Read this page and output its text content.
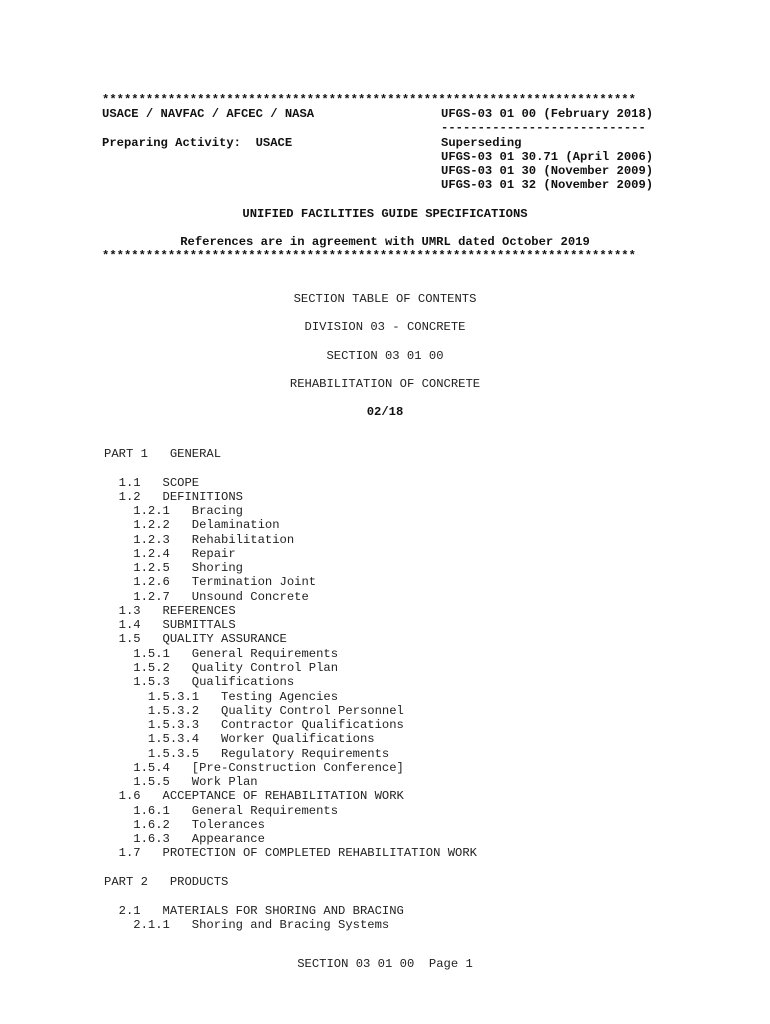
*************************************************************************
USACE / NAVFAC / AFCEC / NASA	UFGS-03 01 00 (February 2018)
----------------------------
Preparing Activity:  USACE	Superseding
UFGS-03 01 30.71 (April 2006)
UFGS-03 01 30 (November 2009)
UFGS-03 01 32 (November 2009)
UNIFIED FACILITIES GUIDE SPECIFICATIONS
References are in agreement with UMRL dated October 2019
*************************************************************************
SECTION TABLE OF CONTENTS
DIVISION 03 - CONCRETE
SECTION 03 01 00
REHABILITATION OF CONCRETE
02/18
PART 1   GENERAL
1.1   SCOPE
1.2   DEFINITIONS
1.2.1   Bracing
1.2.2   Delamination
1.2.3   Rehabilitation
1.2.4   Repair
1.2.5   Shoring
1.2.6   Termination Joint
1.2.7   Unsound Concrete
1.3   REFERENCES
1.4   SUBMITTALS
1.5   QUALITY ASSURANCE
1.5.1   General Requirements
1.5.2   Quality Control Plan
1.5.3   Qualifications
1.5.3.1   Testing Agencies
1.5.3.2   Quality Control Personnel
1.5.3.3   Contractor Qualifications
1.5.3.4   Worker Qualifications
1.5.3.5   Regulatory Requirements
1.5.4   [Pre-Construction Conference]
1.5.5   Work Plan
1.6   ACCEPTANCE OF REHABILITATION WORK
1.6.1   General Requirements
1.6.2   Tolerances
1.6.3   Appearance
1.7   PROTECTION OF COMPLETED REHABILITATION WORK
PART 2   PRODUCTS
2.1   MATERIALS FOR SHORING AND BRACING
2.1.1   Shoring and Bracing Systems
SECTION 03 01 00  Page 1
